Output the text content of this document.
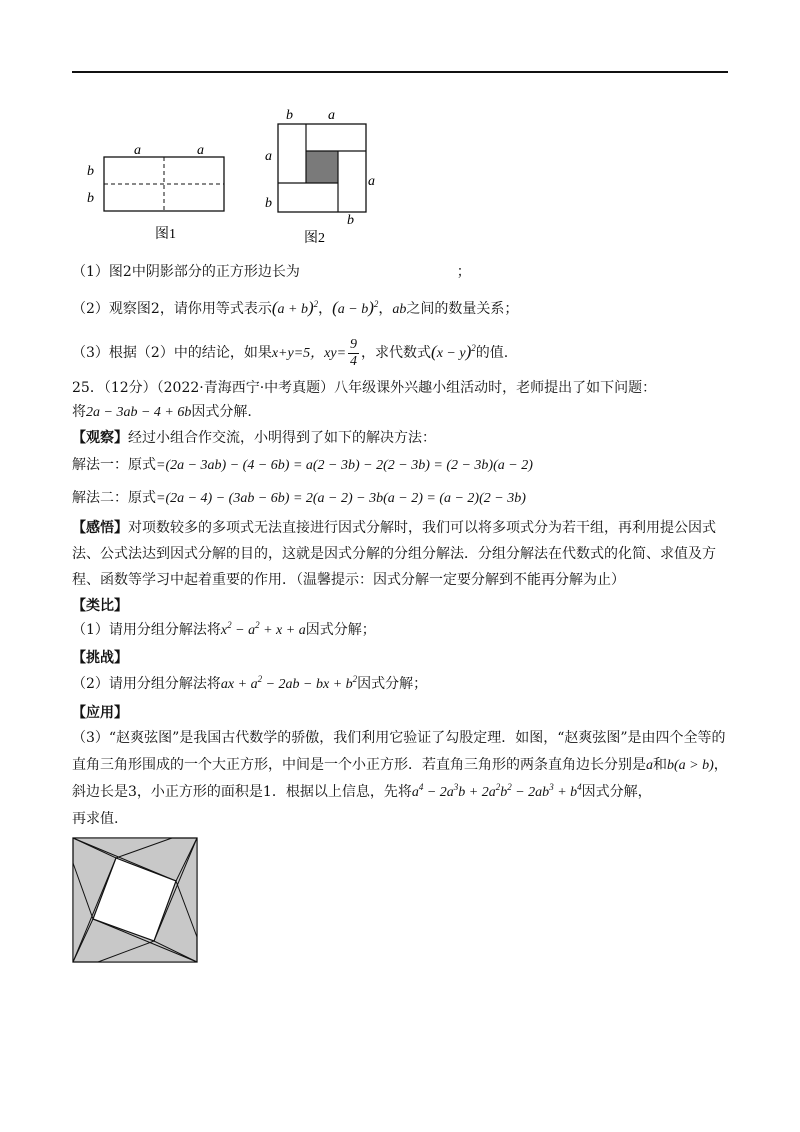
a	a
b
b
图1
b	a
a
b
a
b
图2
（1）图2中阴影部分的正方形边长为	；
（2）观察图2，请你用等式表示$(a + b)^2$，$(a - b)^2$，ab之间的数量关系；
（3）根据（2）中的结论，如果x+y=5，$xy= \frac{9}{4}$ ，求代数式$(x - y)^2$的值.
25．（12分）（2022·青海西宁·中考真题）八年级课外兴趣小组活动时，老师提出了如下问题：
将2a − 3ab − 4 + 6b因式分解.
【观察】经过小组合作交流，小明得到了如下的解决方法：
解法一：原式=(2a − 3ab) − (4 − 6b) = a(2 − 3b) − 2(2 − 3b) = (2 − 3b)(a − 2)
解法二：原式=(2a − 4) − (3ab − 6b) = 2(a − 2) − 3b(a − 2) = (a − 2)(2 − 3b)
【感悟】对项数较多的多项式无法直接进行因式分解时，我们可以将多项式分为若干组，再利用提公因式法、公式法达到因式分解的目的，这就是因式分解的分组分解法．分组分解法在代数式的化简、求值及方程、函数等学习中起着重要的作用．（温馨提示：因式分解一定要分解到不能再分解为止）
【类比】
（1）请用分组分解法将$x^2 - a^2 + x + a$因式分解；
【挑战】
（2）请用分组分解法将ax + $a^2 - 2ab$ − bx + $b^2$因式分解；
【应用】
（3）“赵爽弦图”是我国古代数学的骄傲，我们利用它验证了勾股定理．如图，“赵爽弦图”是由四个全等的直角三角形围成的一个大正方形，中间是一个小正方形．若直角三角形的两条直角边长分别是a和b(a > b)，斜边长是3，小正方形的面积是1．根据以上信息，先将$a^4 - 2a^3b + 2a^2b^2 - 2ab^3 + b^4$因式分解，
再求值.
